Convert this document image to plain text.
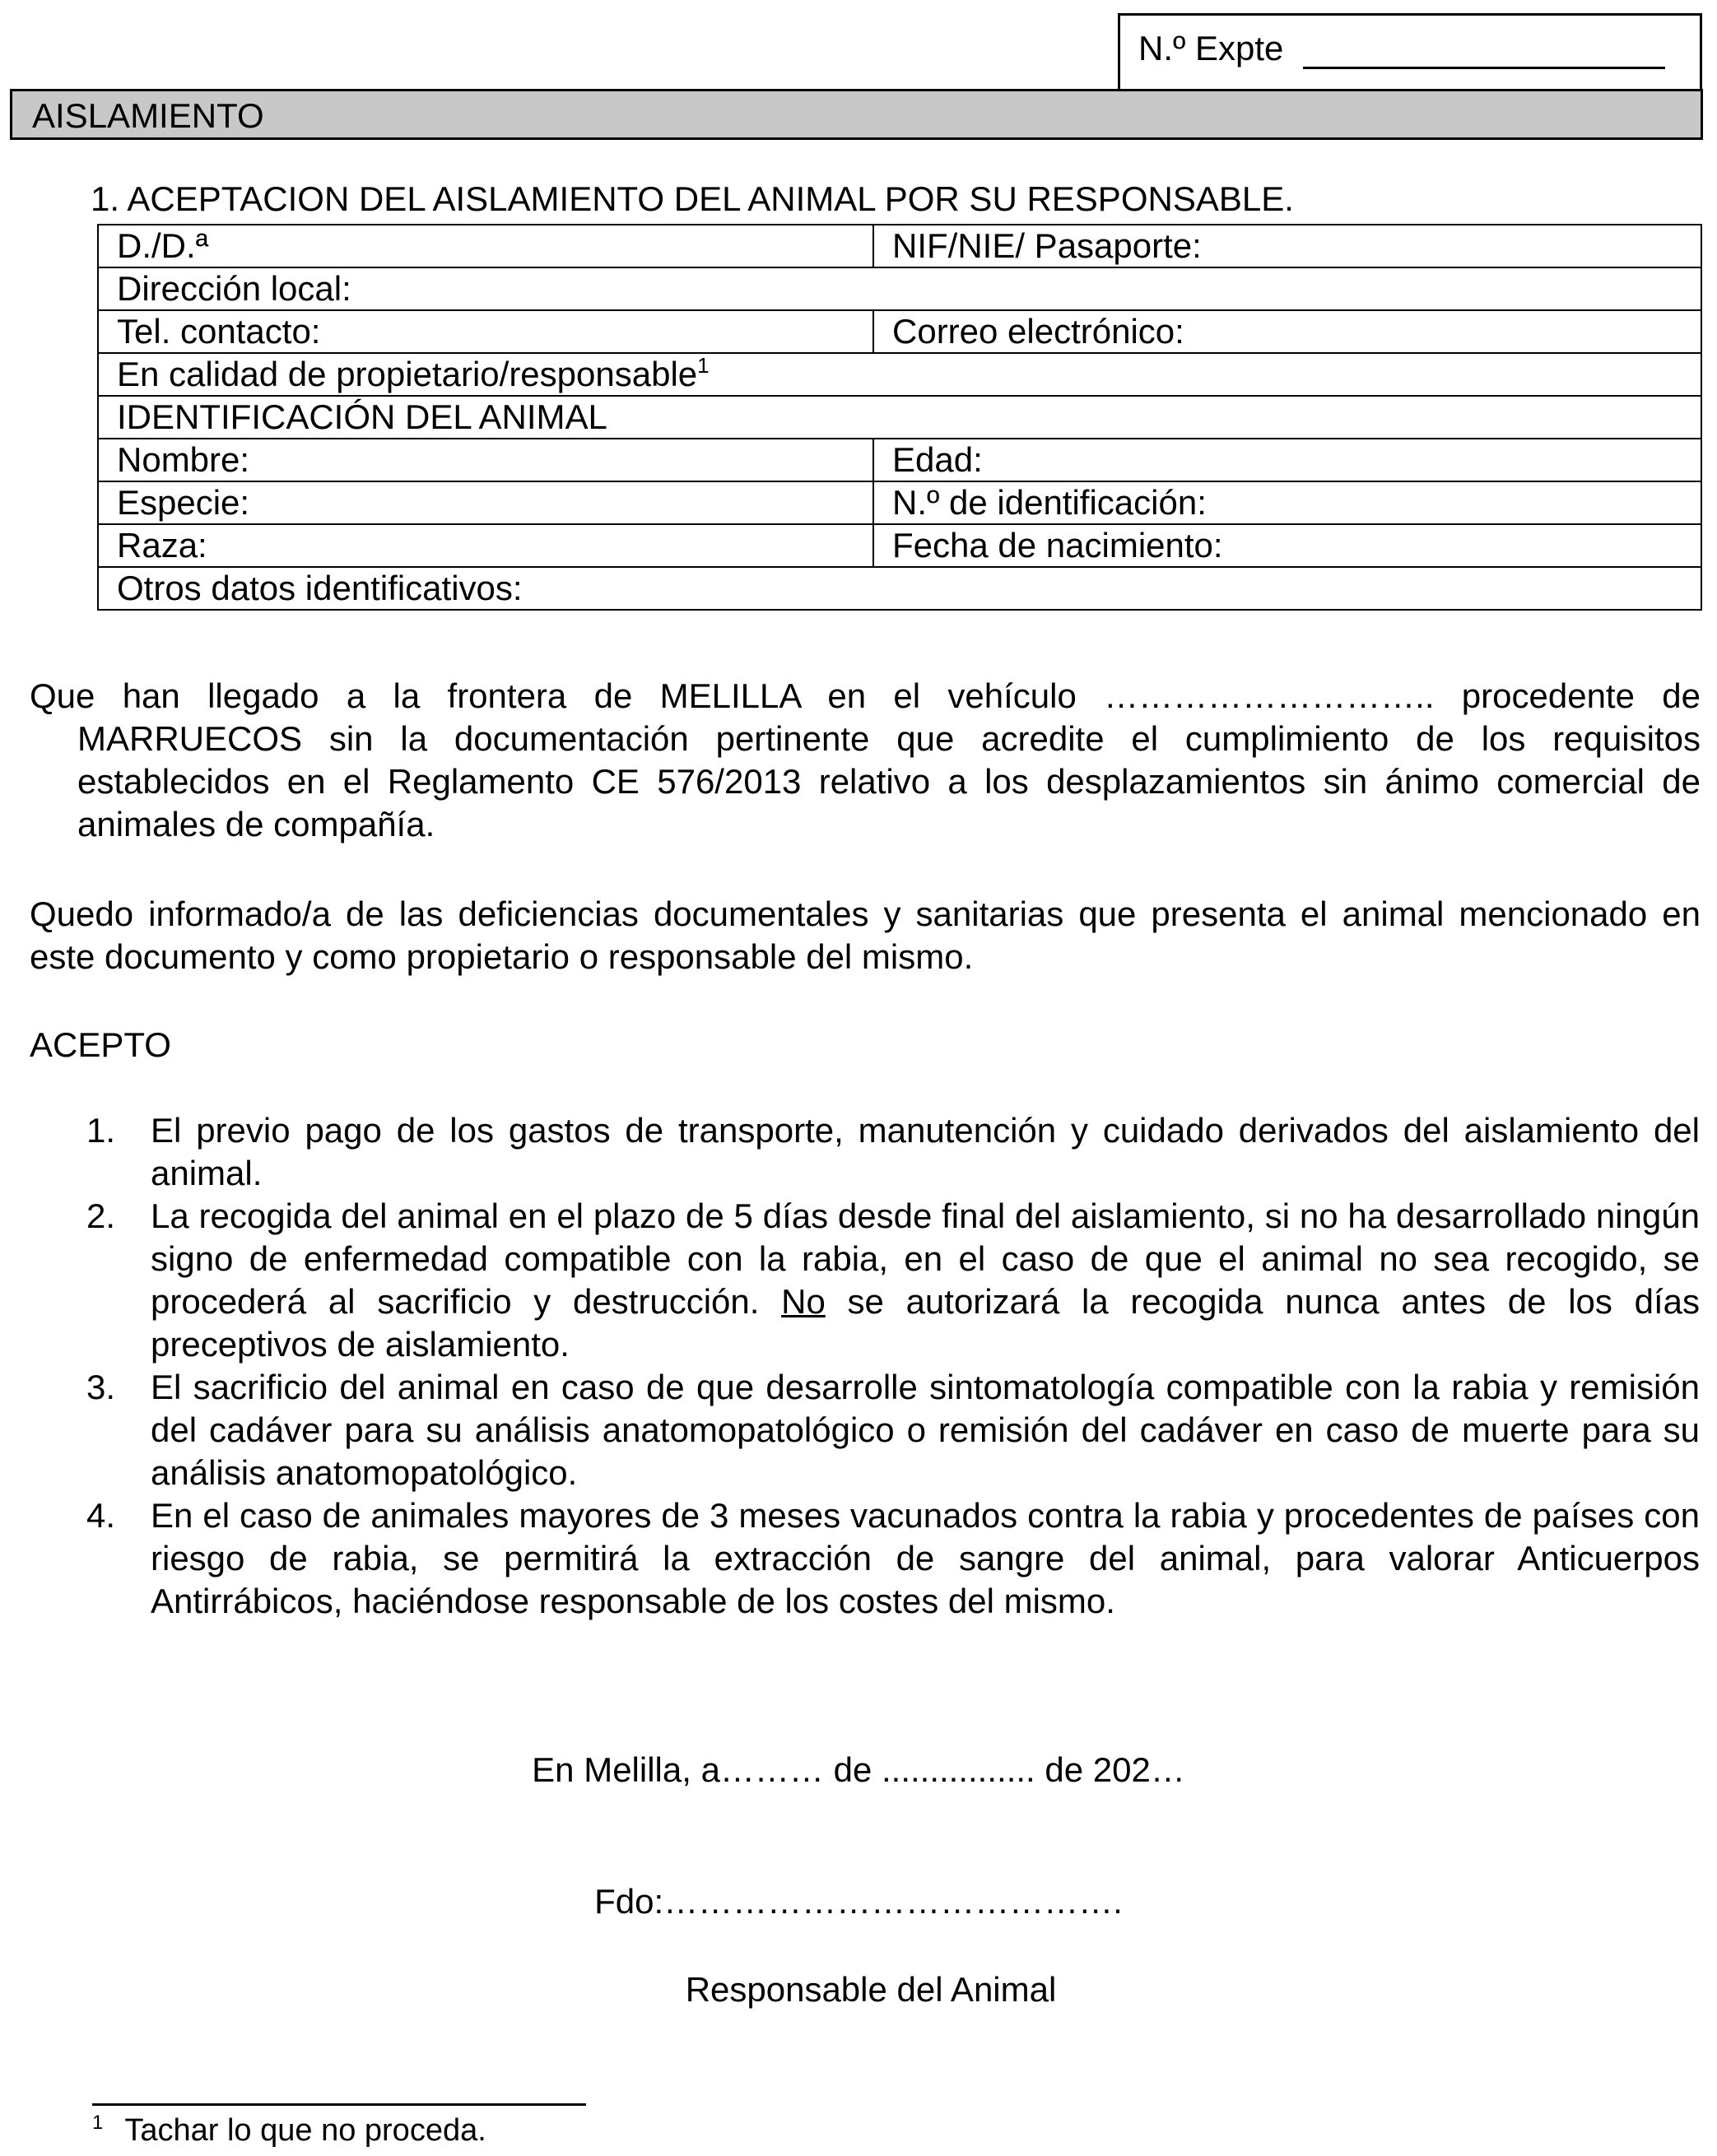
N.º Expte
AISLAMIENTO
1. ACEPTACION DEL AISLAMIENTO DEL ANIMAL POR SU RESPONSABLE.
D./D.ª	NIF/NIE/ Pasaporte:
Dirección local:	
Tel. contacto:	Correo electrónico:
En calidad de propietario/responsable$^1$
IDENTIFICACIÓN DEL ANIMAL	
Nombre:	Edad:
Especie:	N.º de identificación:
Raza:	Fecha de nacimiento:
Otros datos identificativos:	
Que han llegado a la frontera de MELILLA en el vehículo ……………………….. procedente de MARRUECOS sin la documentación pertinente que acredite el cumplimiento de los requisitos establecidos en el Reglamento CE 576/2013 relativo a los desplazamientos sin ánimo comercial de animales de compañía.
Quedo informado/a de las deficiencias documentales y sanitarias que presenta el animal mencionado en este documento y como propietario o responsable del mismo.
ACEPTO
1. El previo pago de los gastos de transporte, manutención y cuidado derivados del aislamiento del animal.
2. La recogida del animal en el plazo de 5 días desde final del aislamiento, si no ha desarrollado ningún signo de enfermedad compatible con la rabia, en el caso de que el animal no sea recogido, se procederá al sacrificio y destrucción. No se autorizará la recogida nunca antes de los días preceptivos de aislamiento.
3. El sacrificio del animal en caso de que desarrolle sintomatología compatible con la rabia y remisión del cadáver para su análisis anatomopatológico o remisión del cadáver en caso de muerte para su análisis anatomopatológico.
4. En el caso de animales mayores de 3 meses vacunados contra la rabia y procedentes de países con riesgo de rabia, se permitirá la extracción de sangre del animal, para valorar Anticuerpos Antirrábicos, haciéndose responsable de los costes del mismo.
En Melilla, a……… de ................ de 202…
Fdo:………………………………….
Responsable del Animal
$^1$ Tachar lo que no proceda.
